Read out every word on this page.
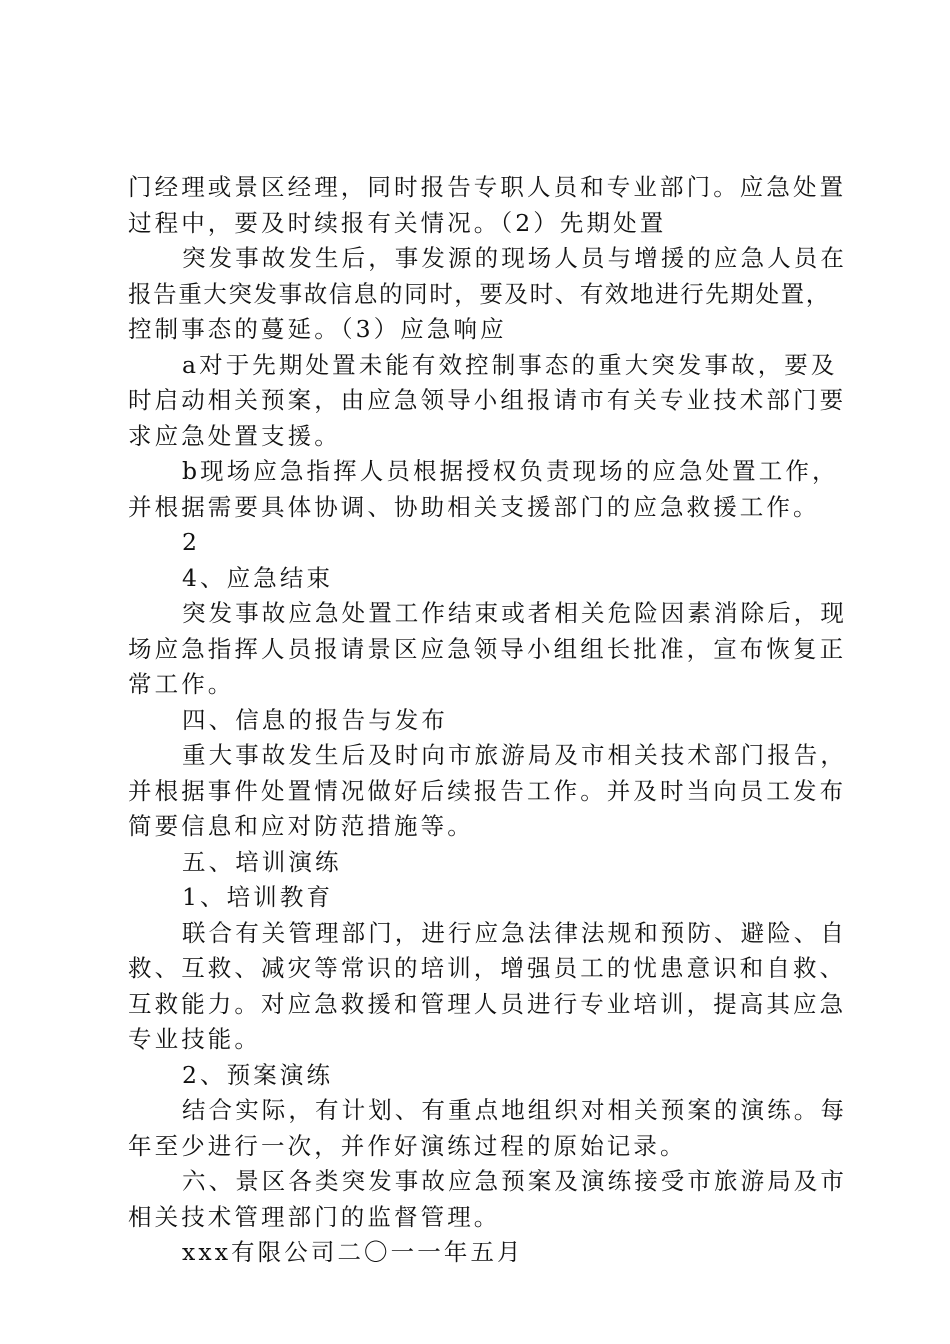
门经理或景区经理，同时报告专职人员和专业部门。应急处置
过程中，要及时续报有关情况。（2）先期处置
突发事故发生后，事发源的现场人员与增援的应急人员在
报告重大突发事故信息的同时，要及时、有效地进行先期处置，
控制事态的蔓延。（3）应急响应
a对于先期处置未能有效控制事态的重大突发事故，要及
时启动相关预案，由应急领导小组报请市有关专业技术部门要
求应急处置支援。
b现场应急指挥人员根据授权负责现场的应急处置工作，
并根据需要具体协调、协助相关支援部门的应急救援工作。
2
4、应急结束
突发事故应急处置工作结束或者相关危险因素消除后，现
场应急指挥人员报请景区应急领导小组组长批准，宣布恢复正
常工作。
四、信息的报告与发布
重大事故发生后及时向市旅游局及市相关技术部门报告，
并根据事件处置情况做好后续报告工作。并及时当向员工发布
简要信息和应对防范措施等。
五、培训演练
1、培训教育
联合有关管理部门，进行应急法律法规和预防、避险、自
救、互救、减灾等常识的培训，增强员工的忧患意识和自救、
互救能力。对应急救援和管理人员进行专业培训，提高其应急
专业技能。
2、预案演练
结合实际，有计划、有重点地组织对相关预案的演练。每
年至少进行一次，并作好演练过程的原始记录。
六、景区各类突发事故应急预案及演练接受市旅游局及市
相关技术管理部门的监督管理。
xxx有限公司二〇一一年五月
